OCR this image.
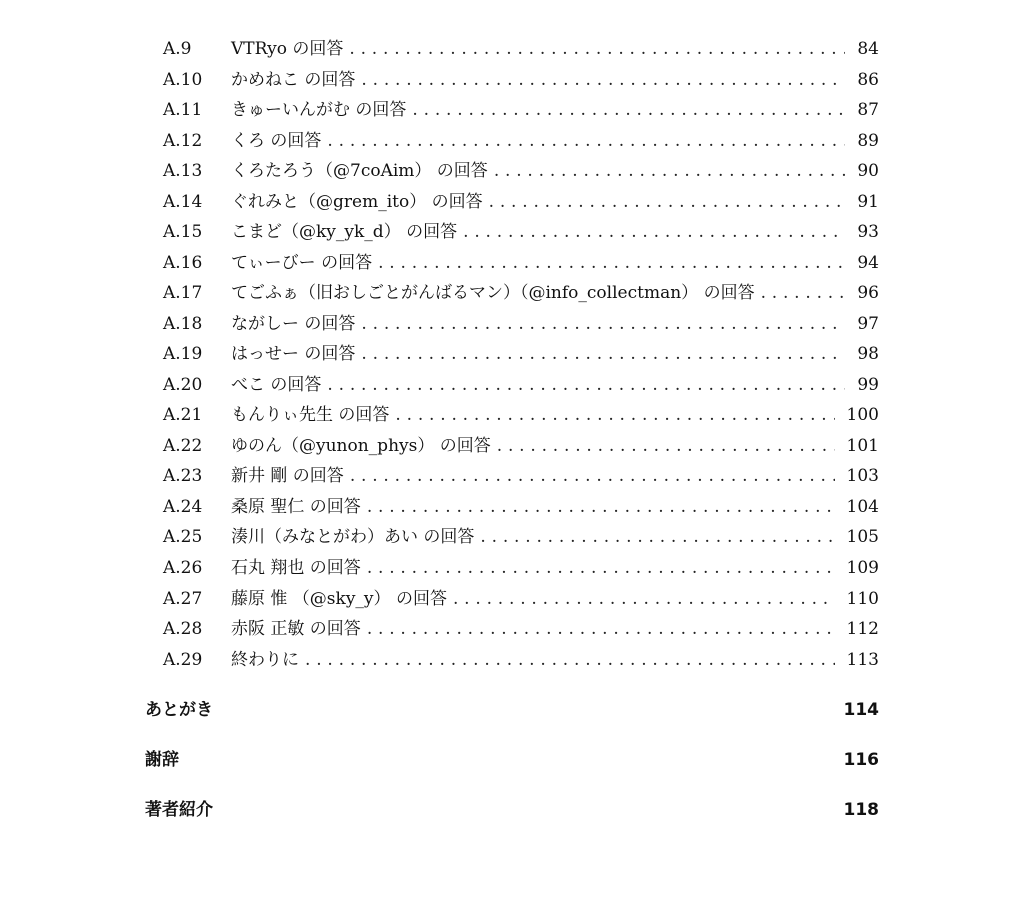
A.9	VTRyo の回答 . . .	84
A.10	かめねこ の回答 . . .	86
A.11	きゅーいんがむ の回答 . . .	87
A.12	くろ の回答 . . .	89
A.13	くろたろう（@7coAim） の回答 . . .	90
A.14	ぐれみと（@grem_ito） の回答 . . .	91
A.15	こまど（@ky_yk_d） の回答 . . .	93
A.16	てぃーびー の回答 . . .	94
A.17	てごふぁ（旧おしごとがんばるマン）（@info_collectman） の回答 . . .	96
A.18	ながしー の回答 . . .	97
A.19	はっせー の回答 . . .	98
A.20	べこ の回答 . . .	99
A.21	もんりぃ先生 の回答 . . .	100
A.22	ゆのん（@yunon_phys） の回答 . . .	101
A.23	新井 剛 の回答 . . .	103
A.24	桑原 聖仁 の回答 . . .	104
A.25	湊川（みなとがわ）あい の回答 . . .	105
A.26	石丸 翔也 の回答 . . .	109
A.27	藤原 惟 （@sky_y） の回答 . . .	110
A.28	赤阪 正敏 の回答 . . .	112
A.29	終わりに . . .	113
あとがき	114
謝辞	116
著者紹介	118
